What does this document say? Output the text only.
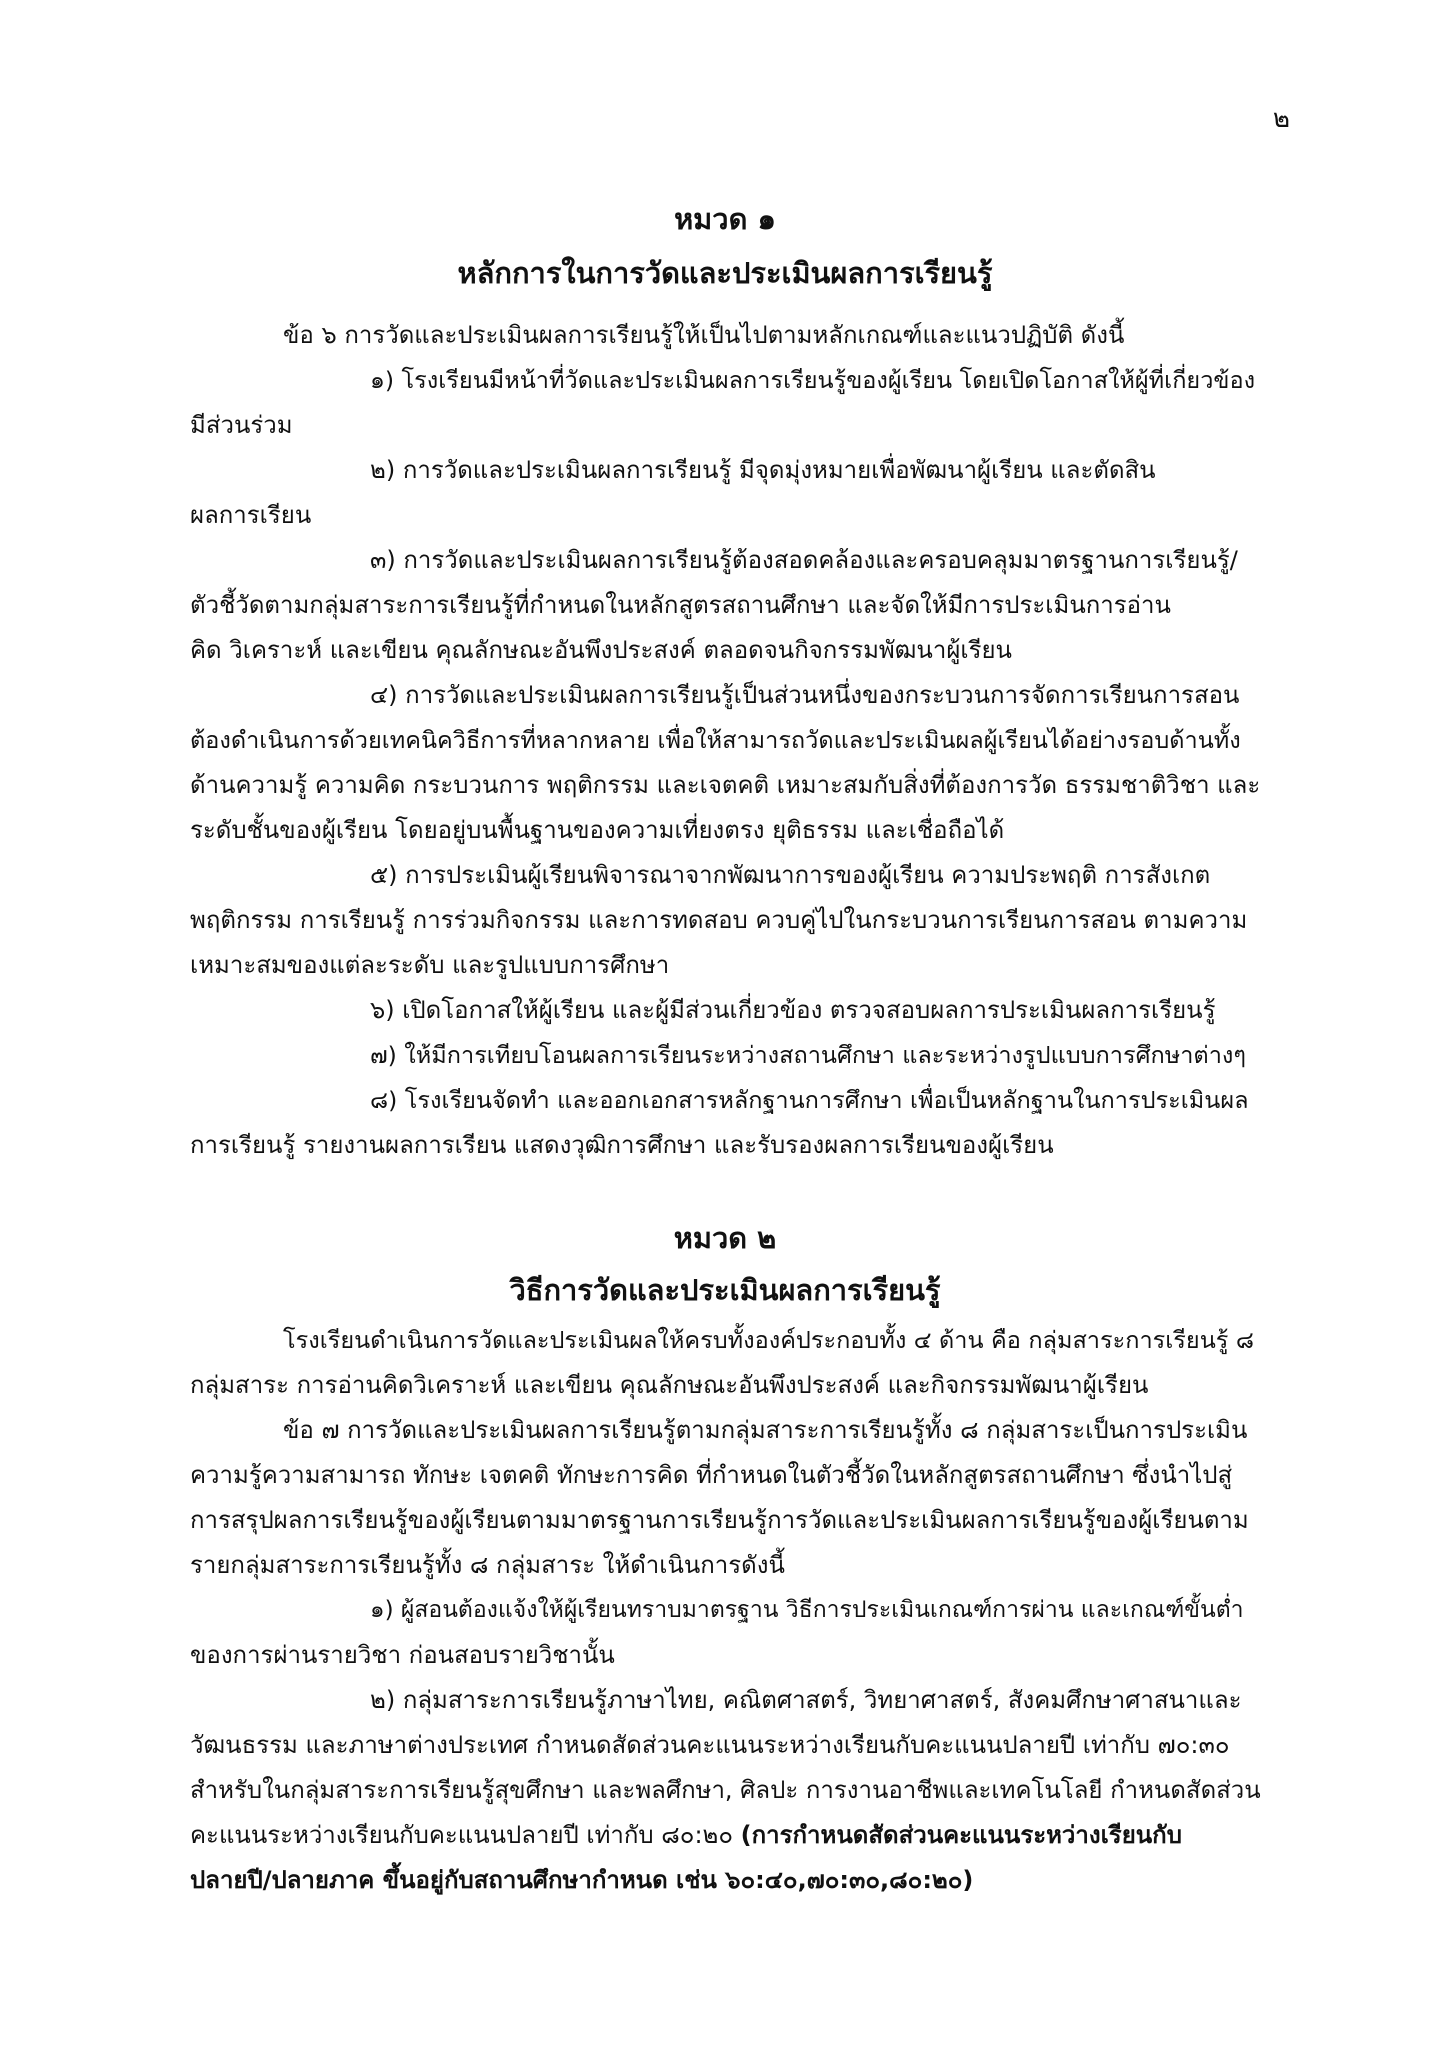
๒
หมวด ๑
หลักการในการวัดและประเมินผลการเรียนรู้
ข้อ ๖ การวัดและประเมินผลการเรียนรู้ให้เป็นไปตามหลักเกณฑ์และแนวปฏิบัติ ดังนี้
๑) โรงเรียนมีหน้าที่วัดและประเมินผลการเรียนรู้ของผู้เรียน โดยเปิดโอกาสให้ผู้ที่เกี่ยวข้อง
มีส่วนร่วม
๒) การวัดและประเมินผลการเรียนรู้ มีจุดมุ่งหมายเพื่อพัฒนาผู้เรียน และตัดสิน
ผลการเรียน
๓) การวัดและประเมินผลการเรียนรู้ต้องสอดคล้องและครอบคลุมมาตรฐานการเรียนรู้/
ตัวชี้วัดตามกลุ่มสาระการเรียนรู้ที่กำหนดในหลักสูตรสถานศึกษา และจัดให้มีการประเมินการอ่าน
คิด วิเคราะห์ และเขียน คุณลักษณะอันพึงประสงค์ ตลอดจนกิจกรรมพัฒนาผู้เรียน
๔) การวัดและประเมินผลการเรียนรู้เป็นส่วนหนึ่งของกระบวนการจัดการเรียนการสอน
ต้องดำเนินการด้วยเทคนิควิธีการที่หลากหลาย เพื่อให้สามารถวัดและประเมินผลผู้เรียนได้อย่างรอบด้านทั้ง
ด้านความรู้ ความคิด กระบวนการ พฤติกรรม และเจตคติ เหมาะสมกับสิ่งที่ต้องการวัด ธรรมชาติวิชา และ
ระดับชั้นของผู้เรียน โดยอยู่บนพื้นฐานของความเที่ยงตรง ยุติธรรม และเชื่อถือได้
๕) การประเมินผู้เรียนพิจารณาจากพัฒนาการของผู้เรียน ความประพฤติ การสังเกต
พฤติกรรม การเรียนรู้ การร่วมกิจกรรม และการทดสอบ ควบคู่ไปในกระบวนการเรียนการสอน ตามความ
เหมาะสมของแต่ละระดับ และรูปแบบการศึกษา
๖) เปิดโอกาสให้ผู้เรียน และผู้มีส่วนเกี่ยวข้อง ตรวจสอบผลการประเมินผลการเรียนรู้
๗) ให้มีการเทียบโอนผลการเรียนระหว่างสถานศึกษา และระหว่างรูปแบบการศึกษาต่างๆ
๘) โรงเรียนจัดทำ และออกเอกสารหลักฐานการศึกษา เพื่อเป็นหลักฐานในการประเมินผล
การเรียนรู้ รายงานผลการเรียน แสดงวุฒิการศึกษา และรับรองผลการเรียนของผู้เรียน
หมวด ๒
วิธีการวัดและประเมินผลการเรียนรู้
โรงเรียนดำเนินการวัดและประเมินผลให้ครบทั้งองค์ประกอบทั้ง ๔ ด้าน คือ กลุ่มสาระการเรียนรู้ ๘
กลุ่มสาระ การอ่านคิดวิเคราะห์ และเขียน คุณลักษณะอันพึงประสงค์ และกิจกรรมพัฒนาผู้เรียน
ข้อ ๗ การวัดและประเมินผลการเรียนรู้ตามกลุ่มสาระการเรียนรู้ทั้ง ๘ กลุ่มสาระเป็นการประเมิน
ความรู้ความสามารถ ทักษะ เจตคติ ทักษะการคิด ที่กำหนดในตัวชี้วัดในหลักสูตรสถานศึกษา ซึ่งนำไปสู่
การสรุปผลการเรียนรู้ของผู้เรียนตามมาตรฐานการเรียนรู้การวัดและประเมินผลการเรียนรู้ของผู้เรียนตาม
รายกลุ่มสาระการเรียนรู้ทั้ง ๘ กลุ่มสาระ ให้ดำเนินการดังนี้
๑) ผู้สอนต้องแจ้งให้ผู้เรียนทราบมาตรฐาน วิธีการประเมินเกณฑ์การผ่าน และเกณฑ์ขั้นต่ำ
ของการผ่านรายวิชา ก่อนสอบรายวิชานั้น
๒) กลุ่มสาระการเรียนรู้ภาษาไทย, คณิตศาสตร์, วิทยาศาสตร์, สังคมศึกษาศาสนาและ
วัฒนธรรม และภาษาต่างประเทศ กำหนดสัดส่วนคะแนนระหว่างเรียนกับคะแนนปลายปี เท่ากับ ๗๐:๓๐
สำหรับในกลุ่มสาระการเรียนรู้สุขศึกษา และพลศึกษา, ศิลปะ การงานอาชีพและเทคโนโลยี กำหนดสัดส่วน
คะแนนระหว่างเรียนกับคะแนนปลายปี เท่ากับ ๘๐:๒๐ (การกำหนดสัดส่วนคะแนนระหว่างเรียนกับ
ปลายปี/ปลายภาค ขึ้นอยู่กับสถานศึกษากำหนด เช่น ๖๐:๔๐,๗๐:๓๐,๘๐:๒๐)
